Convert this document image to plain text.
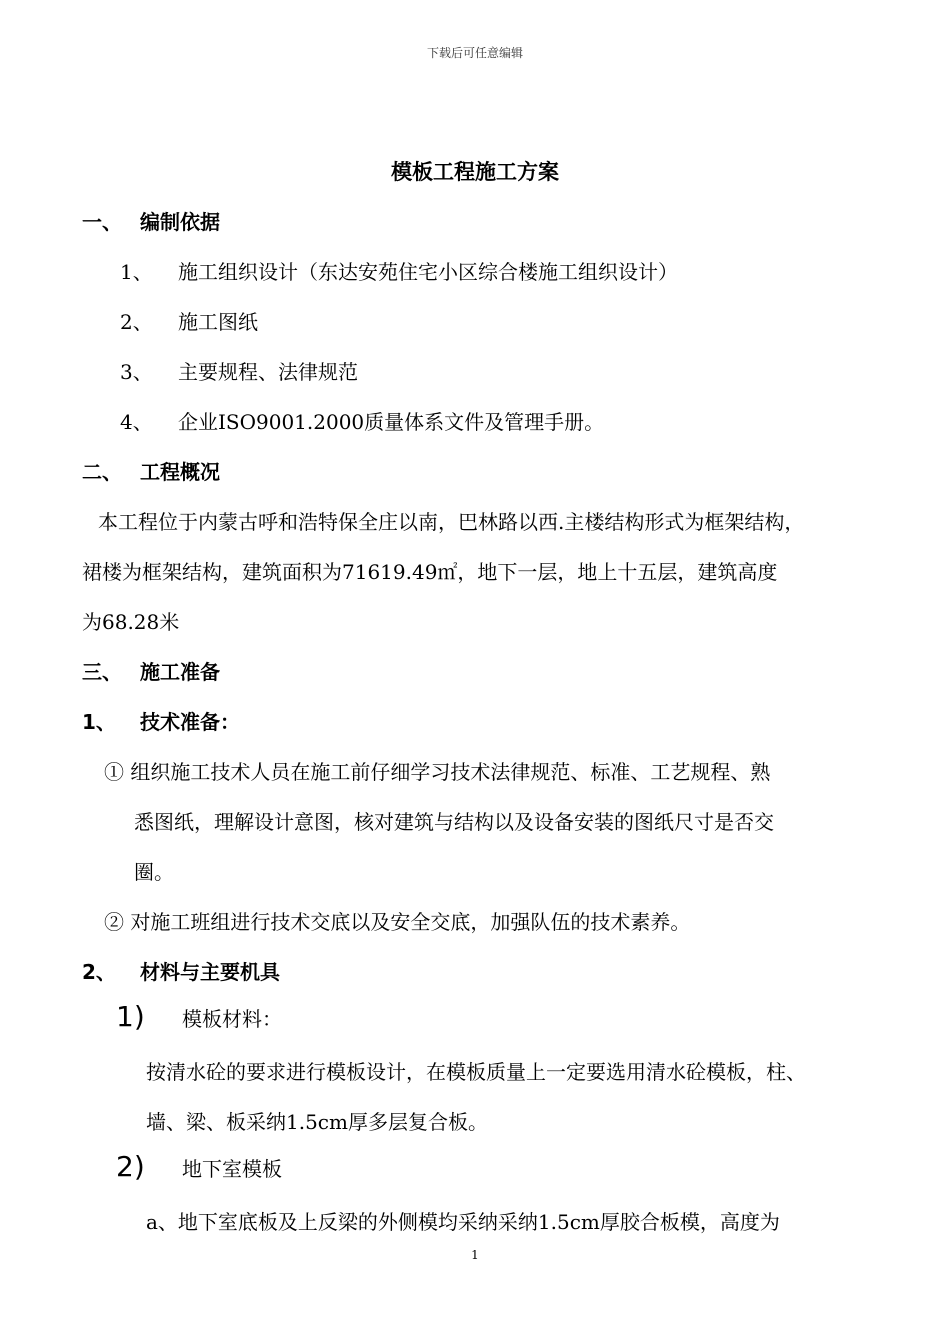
下载后可任意编辑
模板工程施工方案
一、 编制依据
1、 施工组织设计（东达安苑住宅小区综合楼施工组织设计）
2、 施工图纸
3、 主要规程、法律规范
4、 企业ISO9001.2000质量体系文件及管理手册。
二、 工程概况
本工程位于内蒙古呼和浩特保全庄以南，巴林路以西.主楼结构形式为框架结构，
裙楼为框架结构，建筑面积为71619.49㎡，地下一层，地上十五层，建筑高度
为68.28米
三、 施工准备
1、 技术准备：
① 组织施工技术人员在施工前仔细学习技术法律规范、标准、工艺规程、熟
悉图纸，理解设计意图，核对建筑与结构以及设备安装的图纸尺寸是否交
圈。
② 对施工班组进行技术交底以及安全交底，加强队伍的技术素养。
2、 材料与主要机具
1) 模板材料：
按清水砼的要求进行模板设计，在模板质量上一定要选用清水砼模板，柱、
墙、梁、板采纳1.5cm厚多层复合板。
2) 地下室模板
a、地下室底板及上反梁的外侧模均采纳采纳1.5cm厚胶合板模，高度为
1
